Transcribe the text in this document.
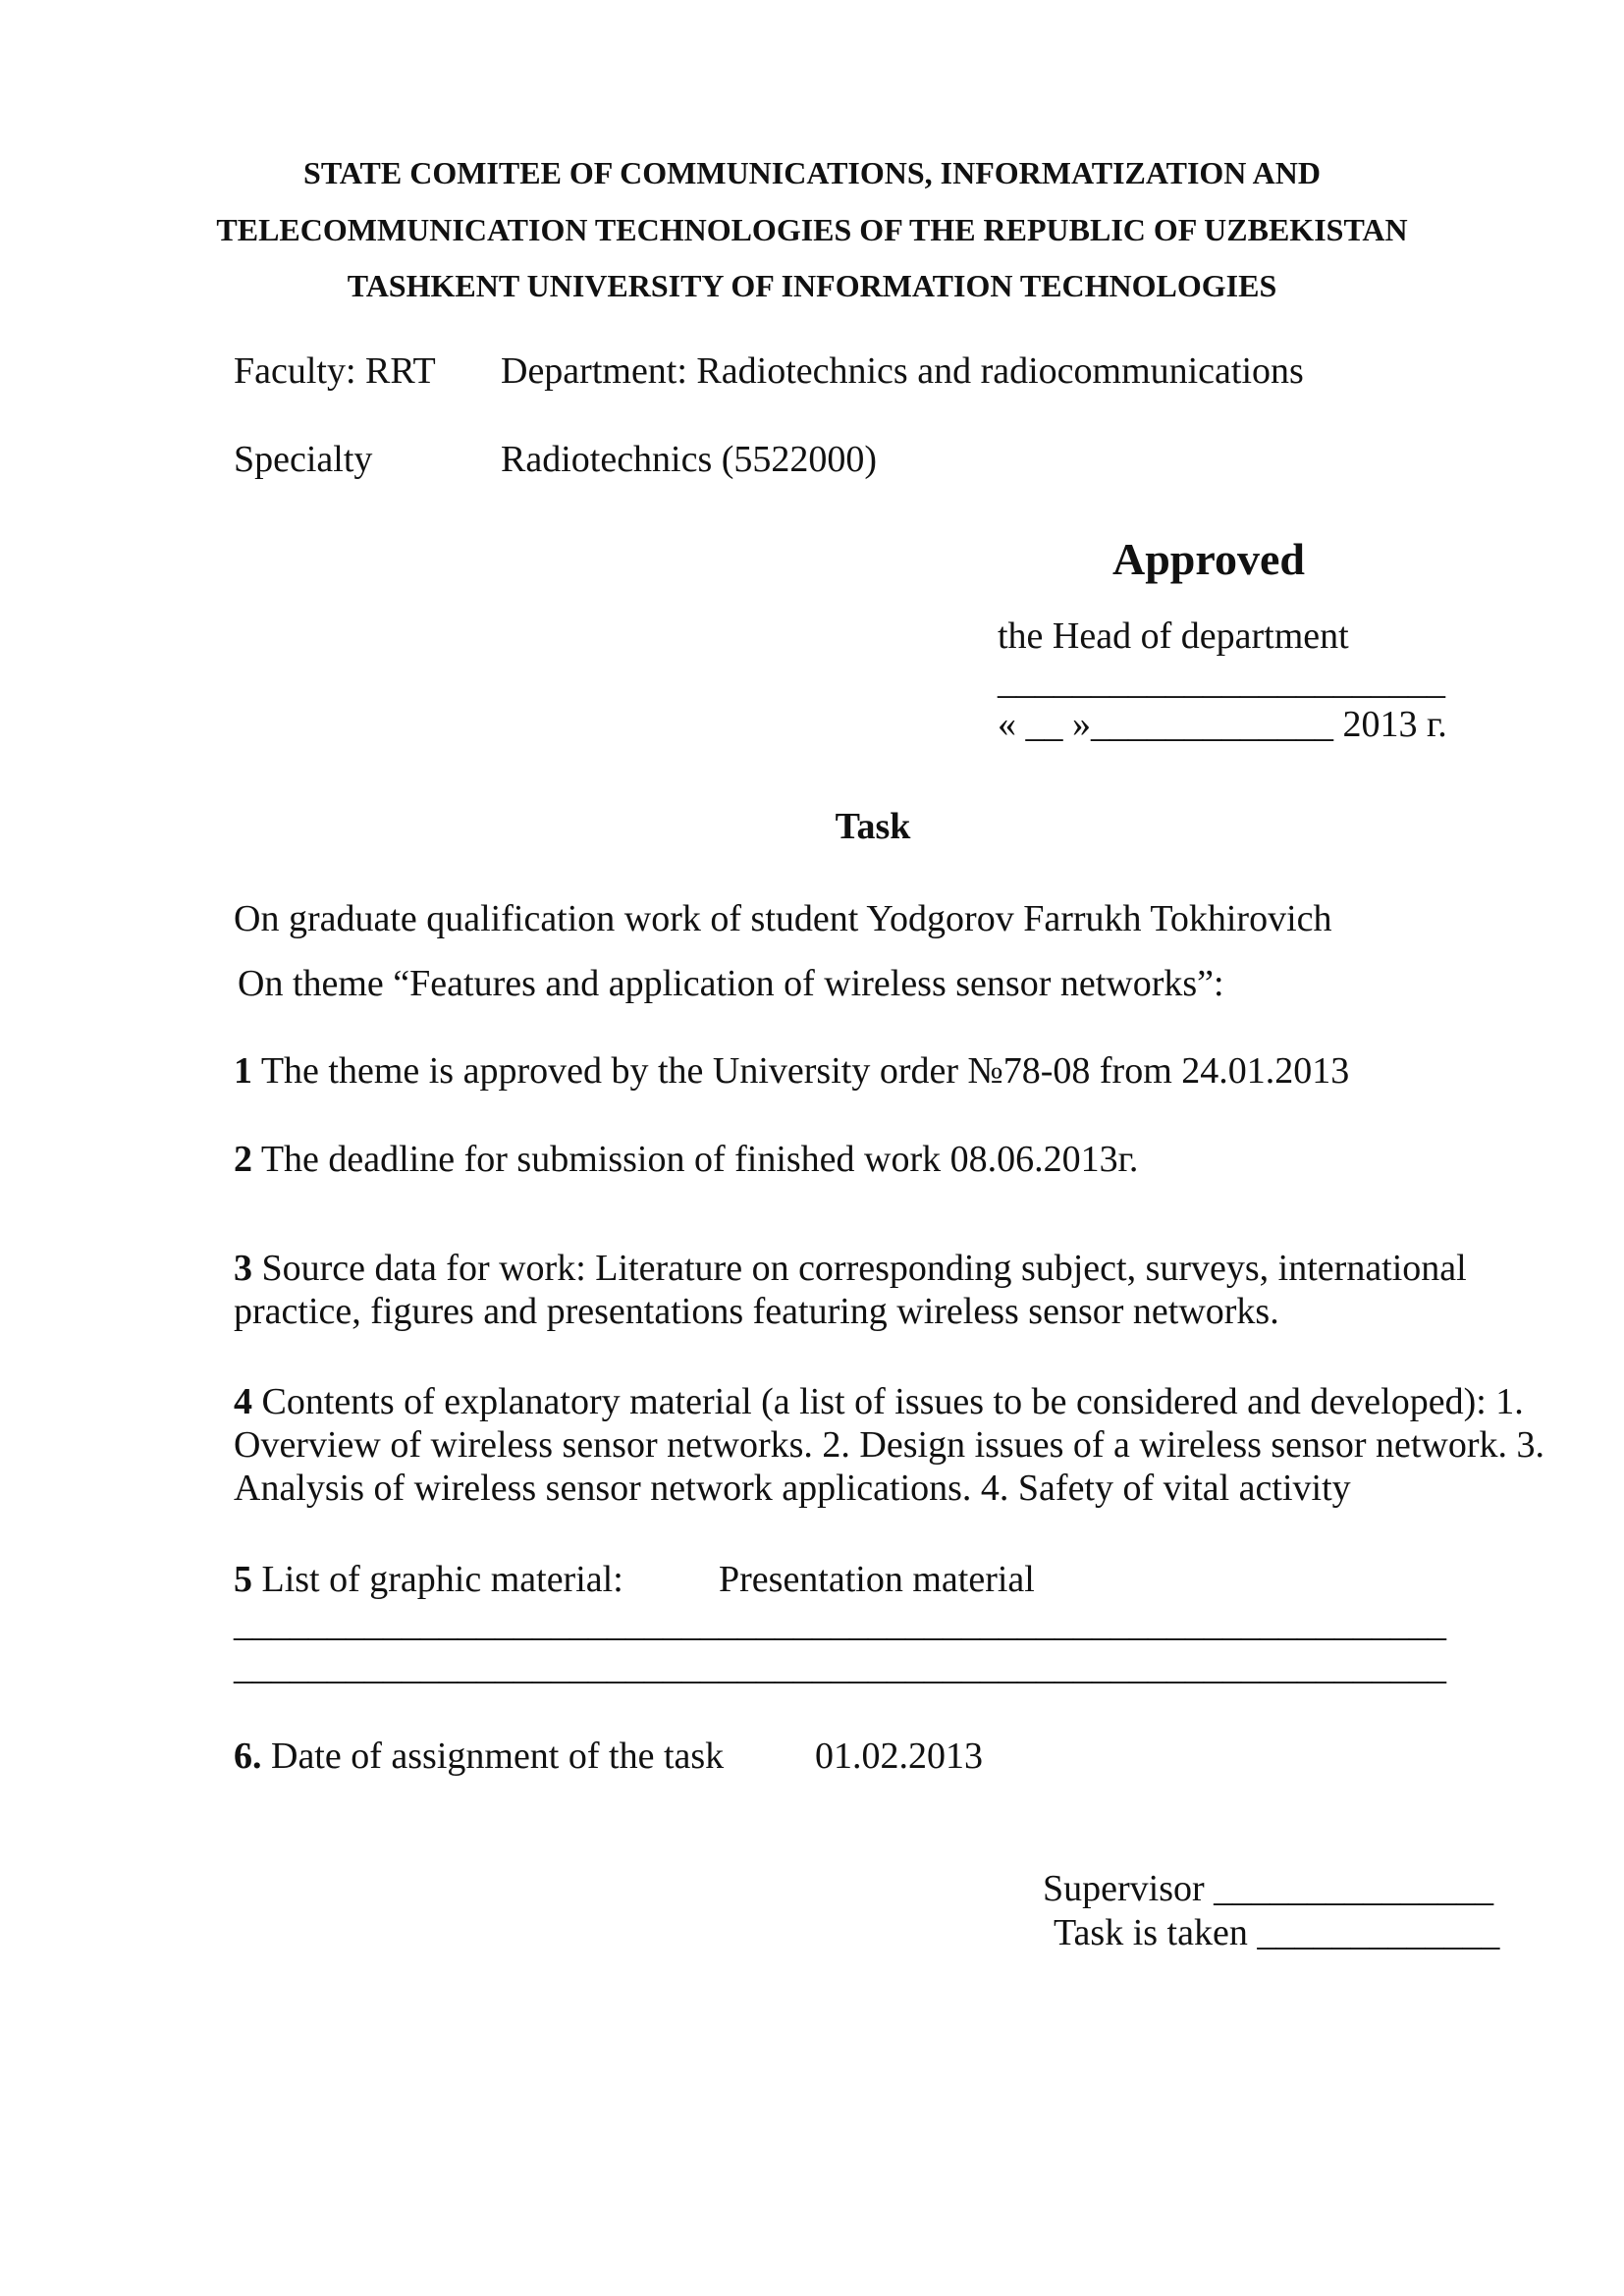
STATE COMITEE OF COMMUNICATIONS, INFORMATIZATION AND
TELECOMMUNICATION TECHNOLOGIES OF THE REPUBLIC OF UZBEKISTAN
TASHKENT UNIVERSITY OF INFORMATION TECHNOLOGIES
Faculty: RRT Department: Radiotechnics and radiocommunications
Specialty	Radiotechnics (5522000)
Approved
the Head of department
________________________
« __ »_____________ 2013 г.
Task
On graduate qualification work of student Yodgorov Farrukh Tokhirovich
On theme “Features and application of wireless sensor networks”:
1 The theme is approved by the University order №78-08 from 24.01.2013
2 The deadline for submission of finished work 08.06.2013г.
3 Source data for work: Literature on corresponding subject, surveys, international practice, figures and presentations featuring wireless sensor networks.
4 Contents of explanatory material (a list of issues to be considered and developed): 1. Overview of wireless sensor networks. 2. Design issues of a wireless sensor network. 3. Analysis of wireless sensor network applications. 4. Safety of vital activity
5 List of graphic material:	Presentation material
_________________________________________________________________
_________________________________________________________________
6. Date of assignment of the task 01.02.2013
Supervisor _______________
Task is taken _____________
